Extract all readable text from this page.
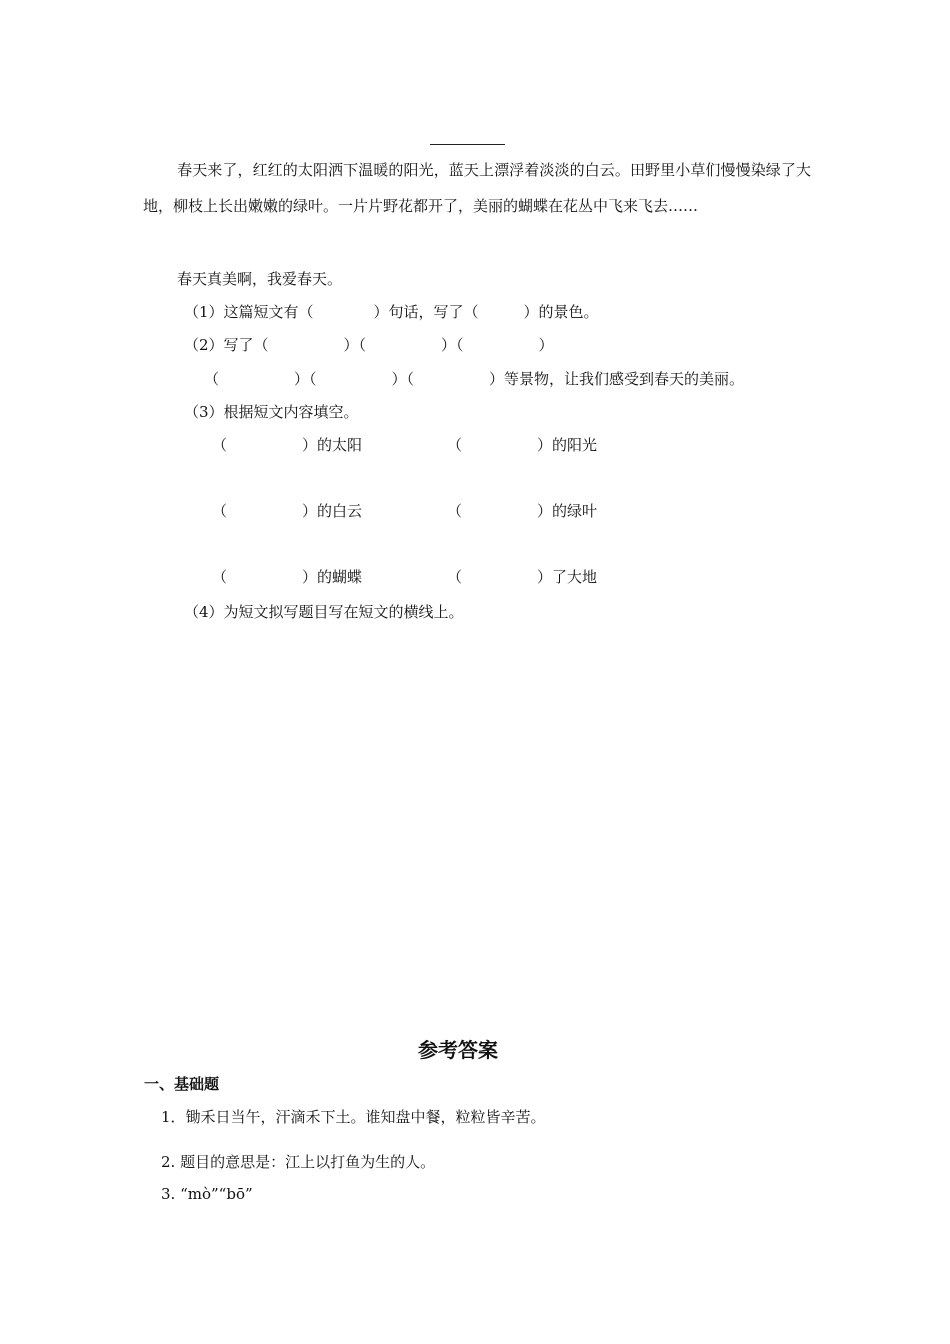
春天来了，红红的太阳洒下温暖的阳光，蓝天上漂浮着淡淡的白云。田野里小草们慢慢染绿了大地，柳枝上长出嫩嫩的绿叶。一片片野花都开了，美丽的蝴蝶在花丛中飞来飞去……
春天真美啊，我爱春天。
（1）这篇短文有（　　　　）句话，写了（　　　）的景色。
（2）写了（　　　　　）（　　　　　）（　　　　　）
（　　　　　）（　　　　　）（　　　　　）等景物，让我们感受到春天的美丽。
（3）根据短文内容填空。
（　　　　　）的太阳	（　　　　　）的阳光
（　　　　　）的白云	（　　　　　）的绿叶
（　　　　　）的蝴蝶	（　　　　　）了大地
（4）为短文拟写题目写在短文的横线上。
参考答案
一、基础题
1．锄禾日当午，汗滴禾下土。谁知盘中餐，粒粒皆辛苦。
2. 题目的意思是：江上以打鱼为生的人。
3. “mò”“bō”
